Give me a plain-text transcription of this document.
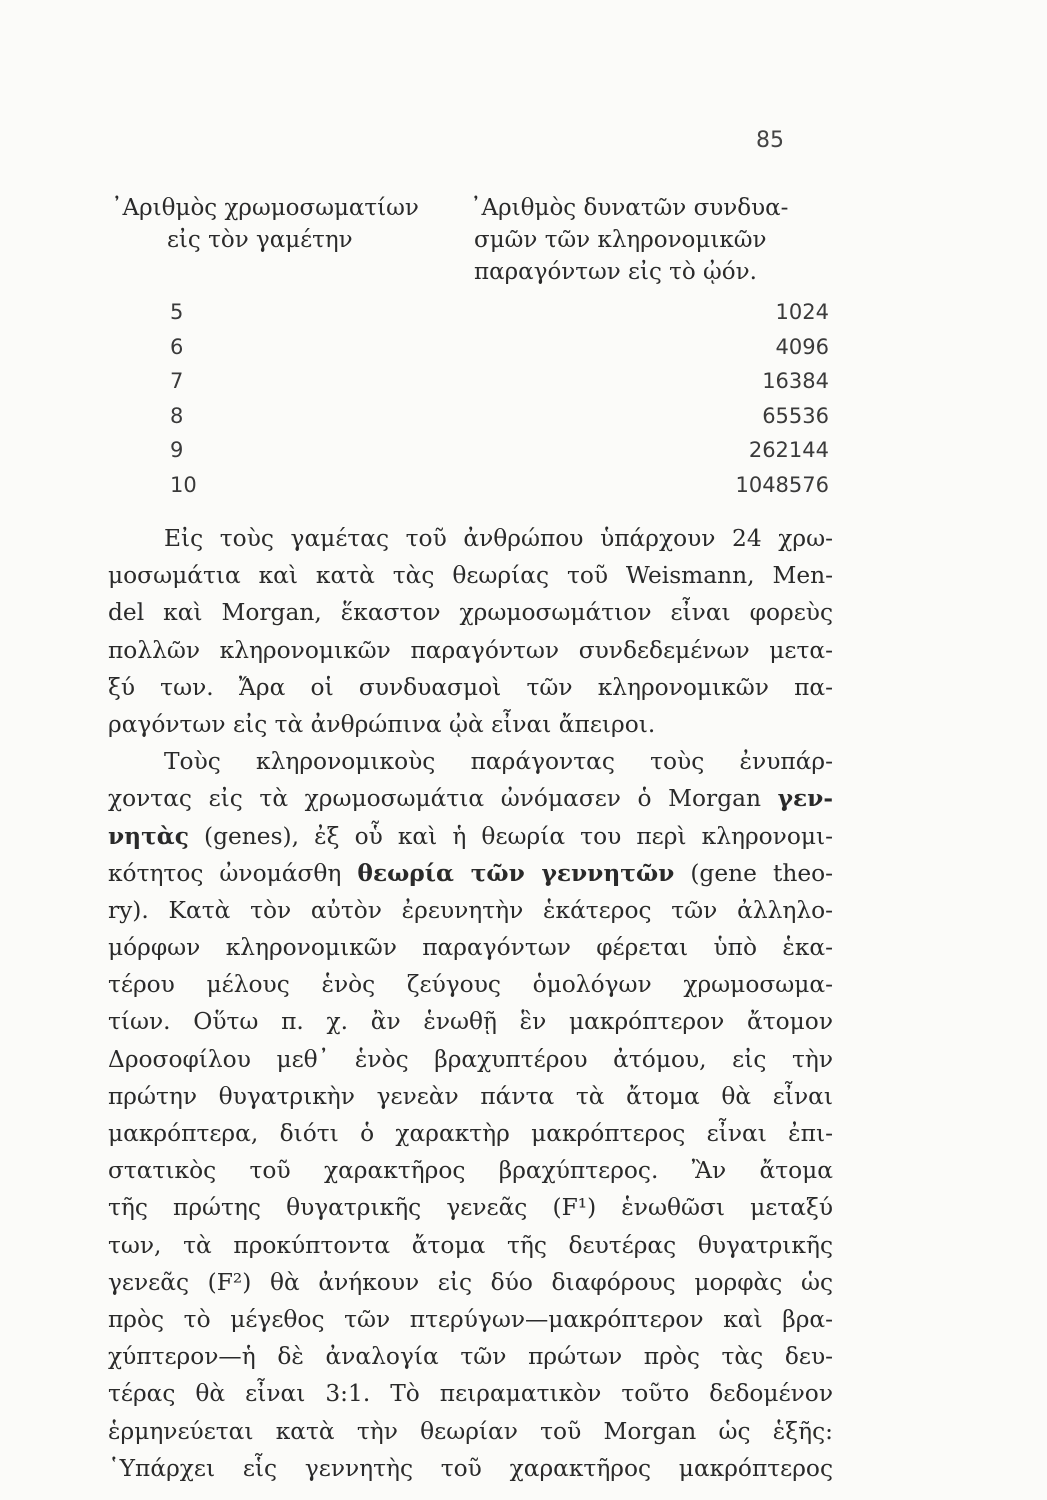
85
᾿Αριθμὸς χρωμοσωματίων
εἰς τὸν γαμέτην
᾿Αριθμὸς δυνατῶν συνδυα-
σμῶν τῶν κληρονομικῶν
παραγόντων εἰς τὸ ᾠόν.
5	1024
6	4096
7	16384
8	65536
9	262144
10	1048576
Εἰς τοὺς γαμέτας τοῦ ἀνθρώπου ὑπάρχουν 24 χρω-
μοσωμάτια καὶ κατὰ τὰς θεωρίας τοῦ Weismann, Men-
del καὶ Morgan, ἕκαστον χρωμοσωμάτιον εἶναι φορεὺς
πολλῶν κληρονομικῶν παραγόντων συνδεδεμένων μετα-
ξύ των. Ἄρα οἱ συνδυασμοὶ τῶν κληρονομικῶν πα-
ραγόντων εἰς τὰ ἀνθρώπινα ᾠὰ εἶναι ἄπειροι.
Τοὺς κληρονομικοὺς παράγοντας τοὺς ἐνυπάρ-
χοντας εἰς τὰ χρωμοσωμάτια ὠνόμασεν ὁ Morgan γεν-
νητὰς (genes), ἐξ οὗ καὶ ἡ θεωρία του περὶ κληρονομι-
κότητος ὠνομάσθη θεωρία τῶν γεννητῶν (gene theo-
ry). Κατὰ τὸν αὐτὸν ἐρευνητὴν ἑκάτερος τῶν ἀλληλο-
μόρφων κληρονομικῶν παραγόντων φέρεται ὑπὸ ἑκα-
τέρου μέλους ἑνὸς ζεύγους ὁμολόγων χρωμοσωμα-
τίων. Οὕτω π. χ. ἂν ἑνωθῇ ἓν μακρόπτερον ἄτομον
Δροσοφίλου μεθ᾽ ἑνὸς βραχυπτέρου ἀτόμου, εἰς τὴν
πρώτην θυγατρικὴν γενεὰν πάντα τὰ ἄτομα θὰ εἶναι
μακρόπτερα, διότι ὁ χαρακτὴρ μακρόπτερος εἶναι ἐπι-
στατικὸς τοῦ χαρακτῆρος βραχύπτερος. Ἂν ἄτομα
τῆς πρώτης θυγατρικῆς γενεᾶς (F¹) ἑνωθῶσι μεταξύ
των, τὰ προκύπτοντα ἄτομα τῆς δευτέρας θυγατρικῆς
γενεᾶς (F²) θὰ ἀνήκουν εἰς δύο διαφόρους μορφὰς ὡς
πρὸς τὸ μέγεθος τῶν πτερύγων—μακρόπτερον καὶ βρα-
χύπτερον—ἡ δὲ ἀναλογία τῶν πρώτων πρὸς τὰς δευ-
τέρας θὰ εἶναι 3:1. Τὸ πειραματικὸν τοῦτο δεδομένον
ἑρμηνεύεται κατὰ τὴν θεωρίαν τοῦ Morgan ὡς ἑξῆς:
῾Υπάρχει εἷς γεννητὴς τοῦ χαρακτῆρος μακρόπτερος
